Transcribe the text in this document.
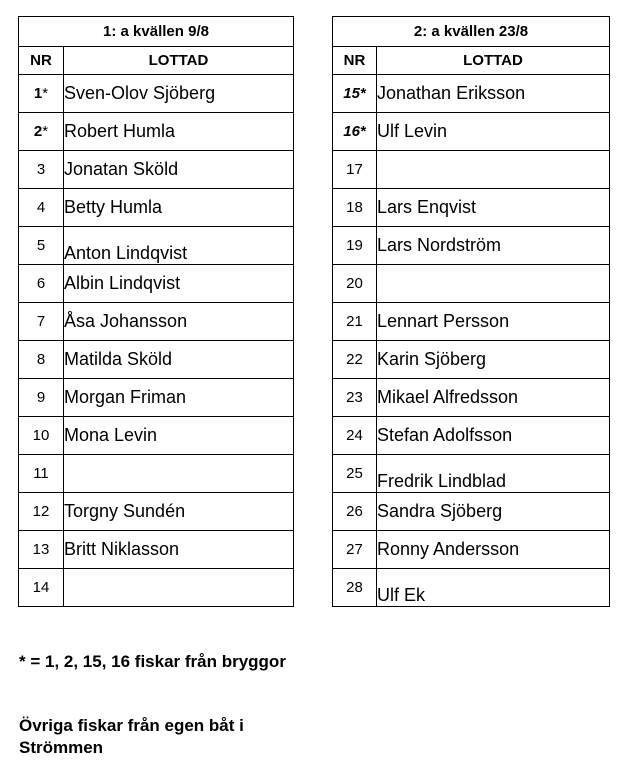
1: a kvällen 9/8	
NR	LOTTAD
1*	Sven-Olov Sjöberg
2*	Robert Humla
3	Jonatan Sköld
4	Betty Humla
5	Anton Lindqvist
6	Albin Lindqvist
7	Åsa Johansson
8	Matilda Sköld
9	Morgan Friman
10	Mona Levin
11	
12	Torgny Sundén
13	Britt Niklasson
14	
2: a kvällen 23/8	
NR	LOTTAD
15*	Jonathan Eriksson
16*	Ulf Levin
17	
18	Lars Enqvist
19	Lars Nordström
20	
21	Lennart Persson
22	Karin Sjöberg
23	Mikael Alfredsson
24	Stefan Adolfsson
25	Fredrik Lindblad
26	Sandra Sjöberg
27	Ronny Andersson
28	Ulf Ek
* = 1, 2, 15, 16 fiskar från bryggor
Övriga fiskar från egen båt i Strömmen
